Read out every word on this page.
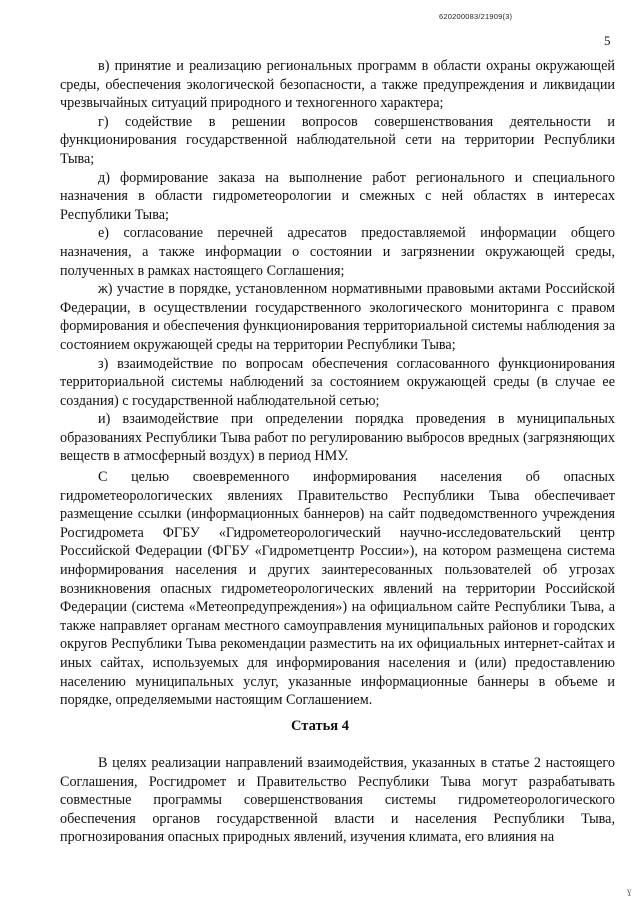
620200083/21909(3)
5

в) принятие и реализацию региональных программ в области охраны окружающей среды, обеспечения экологической безопасности, а также предупреждения и ликвидации чрезвычайных ситуаций природного и техногенного характера;

г) содействие в решении вопросов совершенствования деятельности и функционирования государственной наблюдательной сети на территории Республики Тыва;

д) формирование заказа на выполнение работ регионального и специального назначения в области гидрометеорологии и смежных с ней областях в интересах Республики Тыва;

е) согласование перечней адресатов предоставляемой информации общего назначения, а также информации о состоянии и загрязнении окружающей среды, полученных в рамках настоящего Соглашения;

ж) участие в порядке, установленном нормативными правовыми актами Российской Федерации, в осуществлении государственного экологического мониторинга с правом формирования и обеспечения функционирования территориальной системы наблюдения за состоянием окружающей среды на территории Республики Тыва;

з) взаимодействие по вопросам обеспечения согласованного функционирования территориальной системы наблюдений за состоянием окружающей среды (в случае ее создания) с государственной наблюдательной сетью;

и) взаимодействие при определении порядка проведения в муниципальных образованиях Республики Тыва работ по регулированию выбросов вредных (загрязняющих веществ в атмосферный воздух) в период НМУ.

С целью своевременного информирования населения об опасных гидрометеорологических явлениях Правительство Республики Тыва обеспечивает размещение ссылки (информационных баннеров) на сайт подведомственного учреждения Росгидромета ФГБУ «Гидрометеорологический научно-исследовательский центр Российской Федерации (ФГБУ «Гидрометцентр России»), на котором размещена система информирования населения и других заинтересованных пользователей об угрозах возникновения опасных гидрометеорологических явлений на территории Российской Федерации (система «Метеопредупреждения») на официальном сайте Республики Тыва, а также направляет органам местного самоуправления муниципальных районов и городских округов Республики Тыва рекомендации разместить на их официальных интернет-сайтах и иных сайтах, используемых для информирования населения и (или) предоставлению населению муниципальных услуг, указанные информационные баннеры в объеме и порядке, определяемыми настоящим Соглашением.

Статья 4

В целях реализации направлений взаимодействия, указанных в статье 2 настоящего Соглашения, Росгидромет и Правительство Республики Тыва могут разрабатывать совместные программы совершенствования системы гидрометеорологического обеспечения органов государственной власти и населения Республики Тыва, прогнозирования опасных природных явлений, изучения климата, его влияния на

ɣ
